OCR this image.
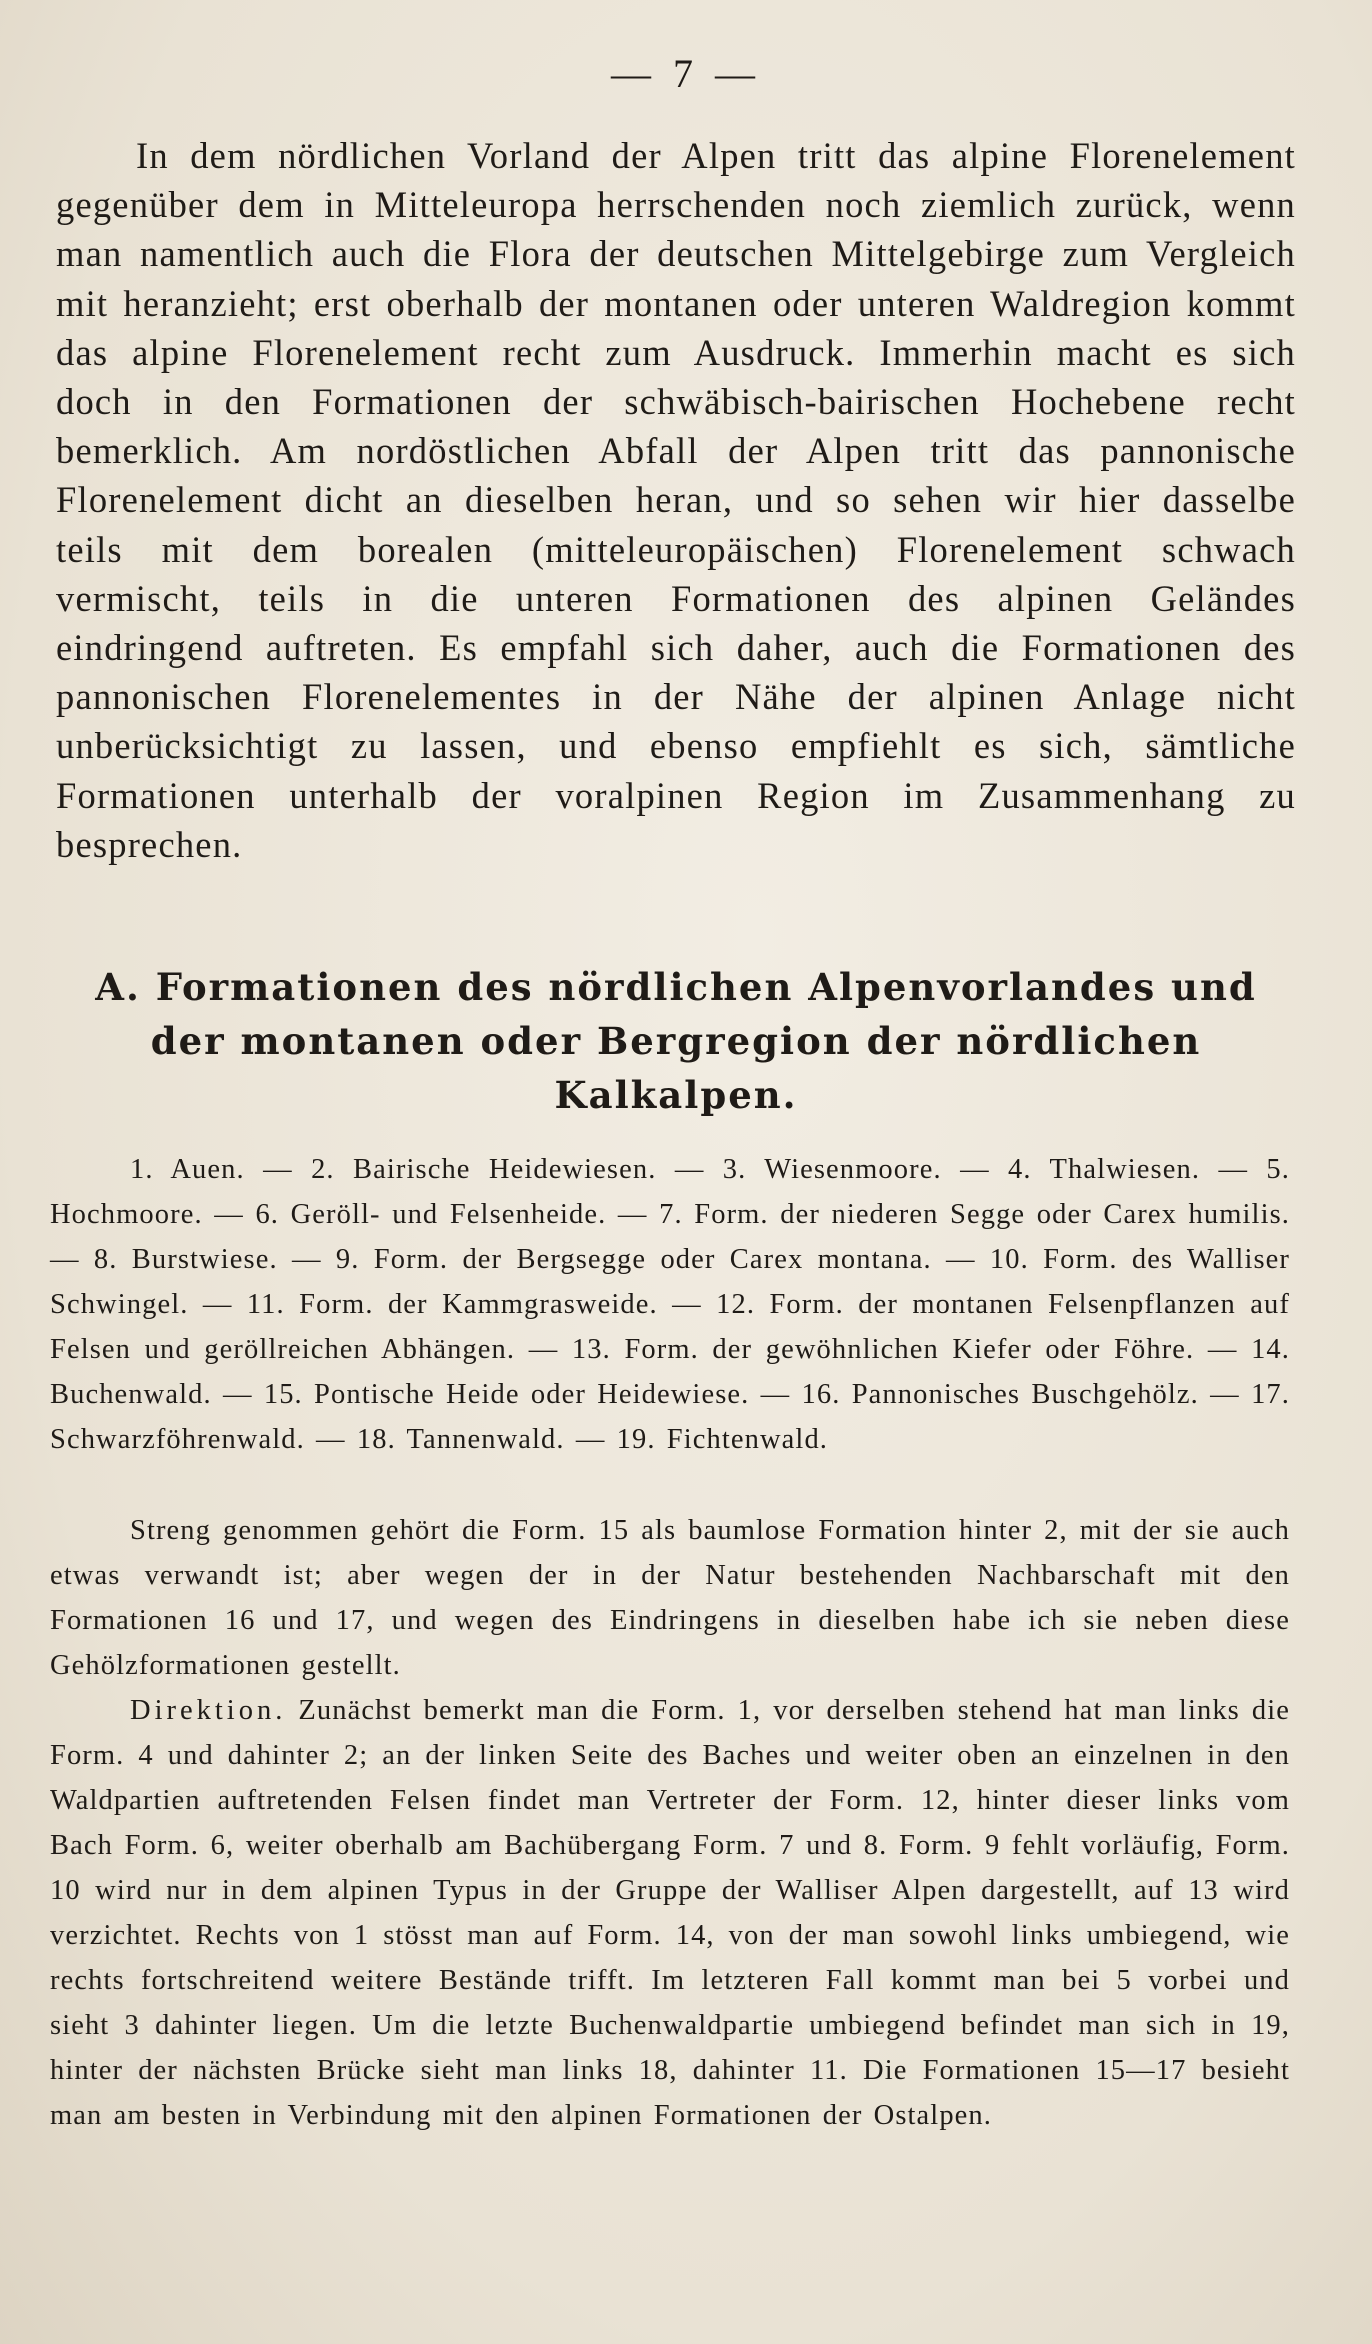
— 7 —

In dem nördlichen Vorland der Alpen tritt das alpine Florenelement gegenüber dem in Mitteleuropa herrschenden noch ziemlich zurück, wenn man namentlich auch die Flora der deutschen Mittelgebirge zum Vergleich mit heranzieht; erst oberhalb der montanen oder unteren Waldregion kommt das alpine Florenelement recht zum Ausdruck. Immerhin macht es sich doch in den Formationen der schwäbisch-bairischen Hochebene recht bemerklich. Am nordöstlichen Abfall der Alpen tritt das pannonische Florenelement dicht an dieselben heran, und so sehen wir hier dasselbe teils mit dem borealen (mitteleuropäischen) Florenelement schwach vermischt, teils in die unteren Formationen des alpinen Geländes eindringend auftreten. Es empfahl sich daher, auch die Formationen des pannonischen Florenelementes in der Nähe der alpinen Anlage nicht unberücksichtigt zu lassen, und ebenso empfiehlt es sich, sämtliche Formationen unterhalb der voralpinen Region im Zusammenhang zu besprechen.

A. Formationen des nördlichen Alpenvorlandes und der montanen oder Bergregion der nördlichen Kalkalpen.

1. Auen. — 2. Bairische Heidewiesen. — 3. Wiesenmoore. — 4. Thalwiesen. — 5. Hochmoore. — 6. Geröll- und Felsenheide. — 7. Form. der niederen Segge oder Carex humilis. — 8. Burstwiese. — 9. Form. der Bergsegge oder Carex montana. — 10. Form. des Walliser Schwingel. — 11. Form. der Kammgrasweide. — 12. Form. der montanen Felsenpflanzen auf Felsen und geröllreichen Abhängen. — 13. Form. der gewöhnlichen Kiefer oder Föhre. — 14. Buchenwald. — 15. Pontische Heide oder Heidewiese. — 16. Pannonisches Buschgehölz. — 17. Schwarzföhrenwald. — 18. Tannenwald. — 19. Fichtenwald.

Streng genommen gehört die Form. 15 als baumlose Formation hinter 2, mit der sie auch etwas verwandt ist; aber wegen der in der Natur bestehenden Nachbarschaft mit den Formationen 16 und 17, und wegen des Eindringens in dieselben habe ich sie neben diese Gehölzformationen gestellt.

Direktion. Zunächst bemerkt man die Form. 1, vor derselben stehend hat man links die Form. 4 und dahinter 2; an der linken Seite des Baches und weiter oben an einzelnen in den Waldpartien auftretenden Felsen findet man Vertreter der Form. 12, hinter dieser links vom Bach Form. 6, weiter oberhalb am Bachübergang Form. 7 und 8. Form. 9 fehlt vorläufig, Form. 10 wird nur in dem alpinen Typus in der Gruppe der Walliser Alpen dargestellt, auf 13 wird verzichtet. Rechts von 1 stösst man auf Form. 14, von der man sowohl links umbiegend, wie rechts fortschreitend weitere Bestände trifft. Im letzteren Fall kommt man bei 5 vorbei und sieht 3 dahinter liegen. Um die letzte Buchenwaldpartie umbiegend befindet man sich in 19, hinter der nächsten Brücke sieht man links 18, dahinter 11. Die Formationen 15—17 besieht man am besten in Verbindung mit den alpinen Formationen der Ostalpen.
